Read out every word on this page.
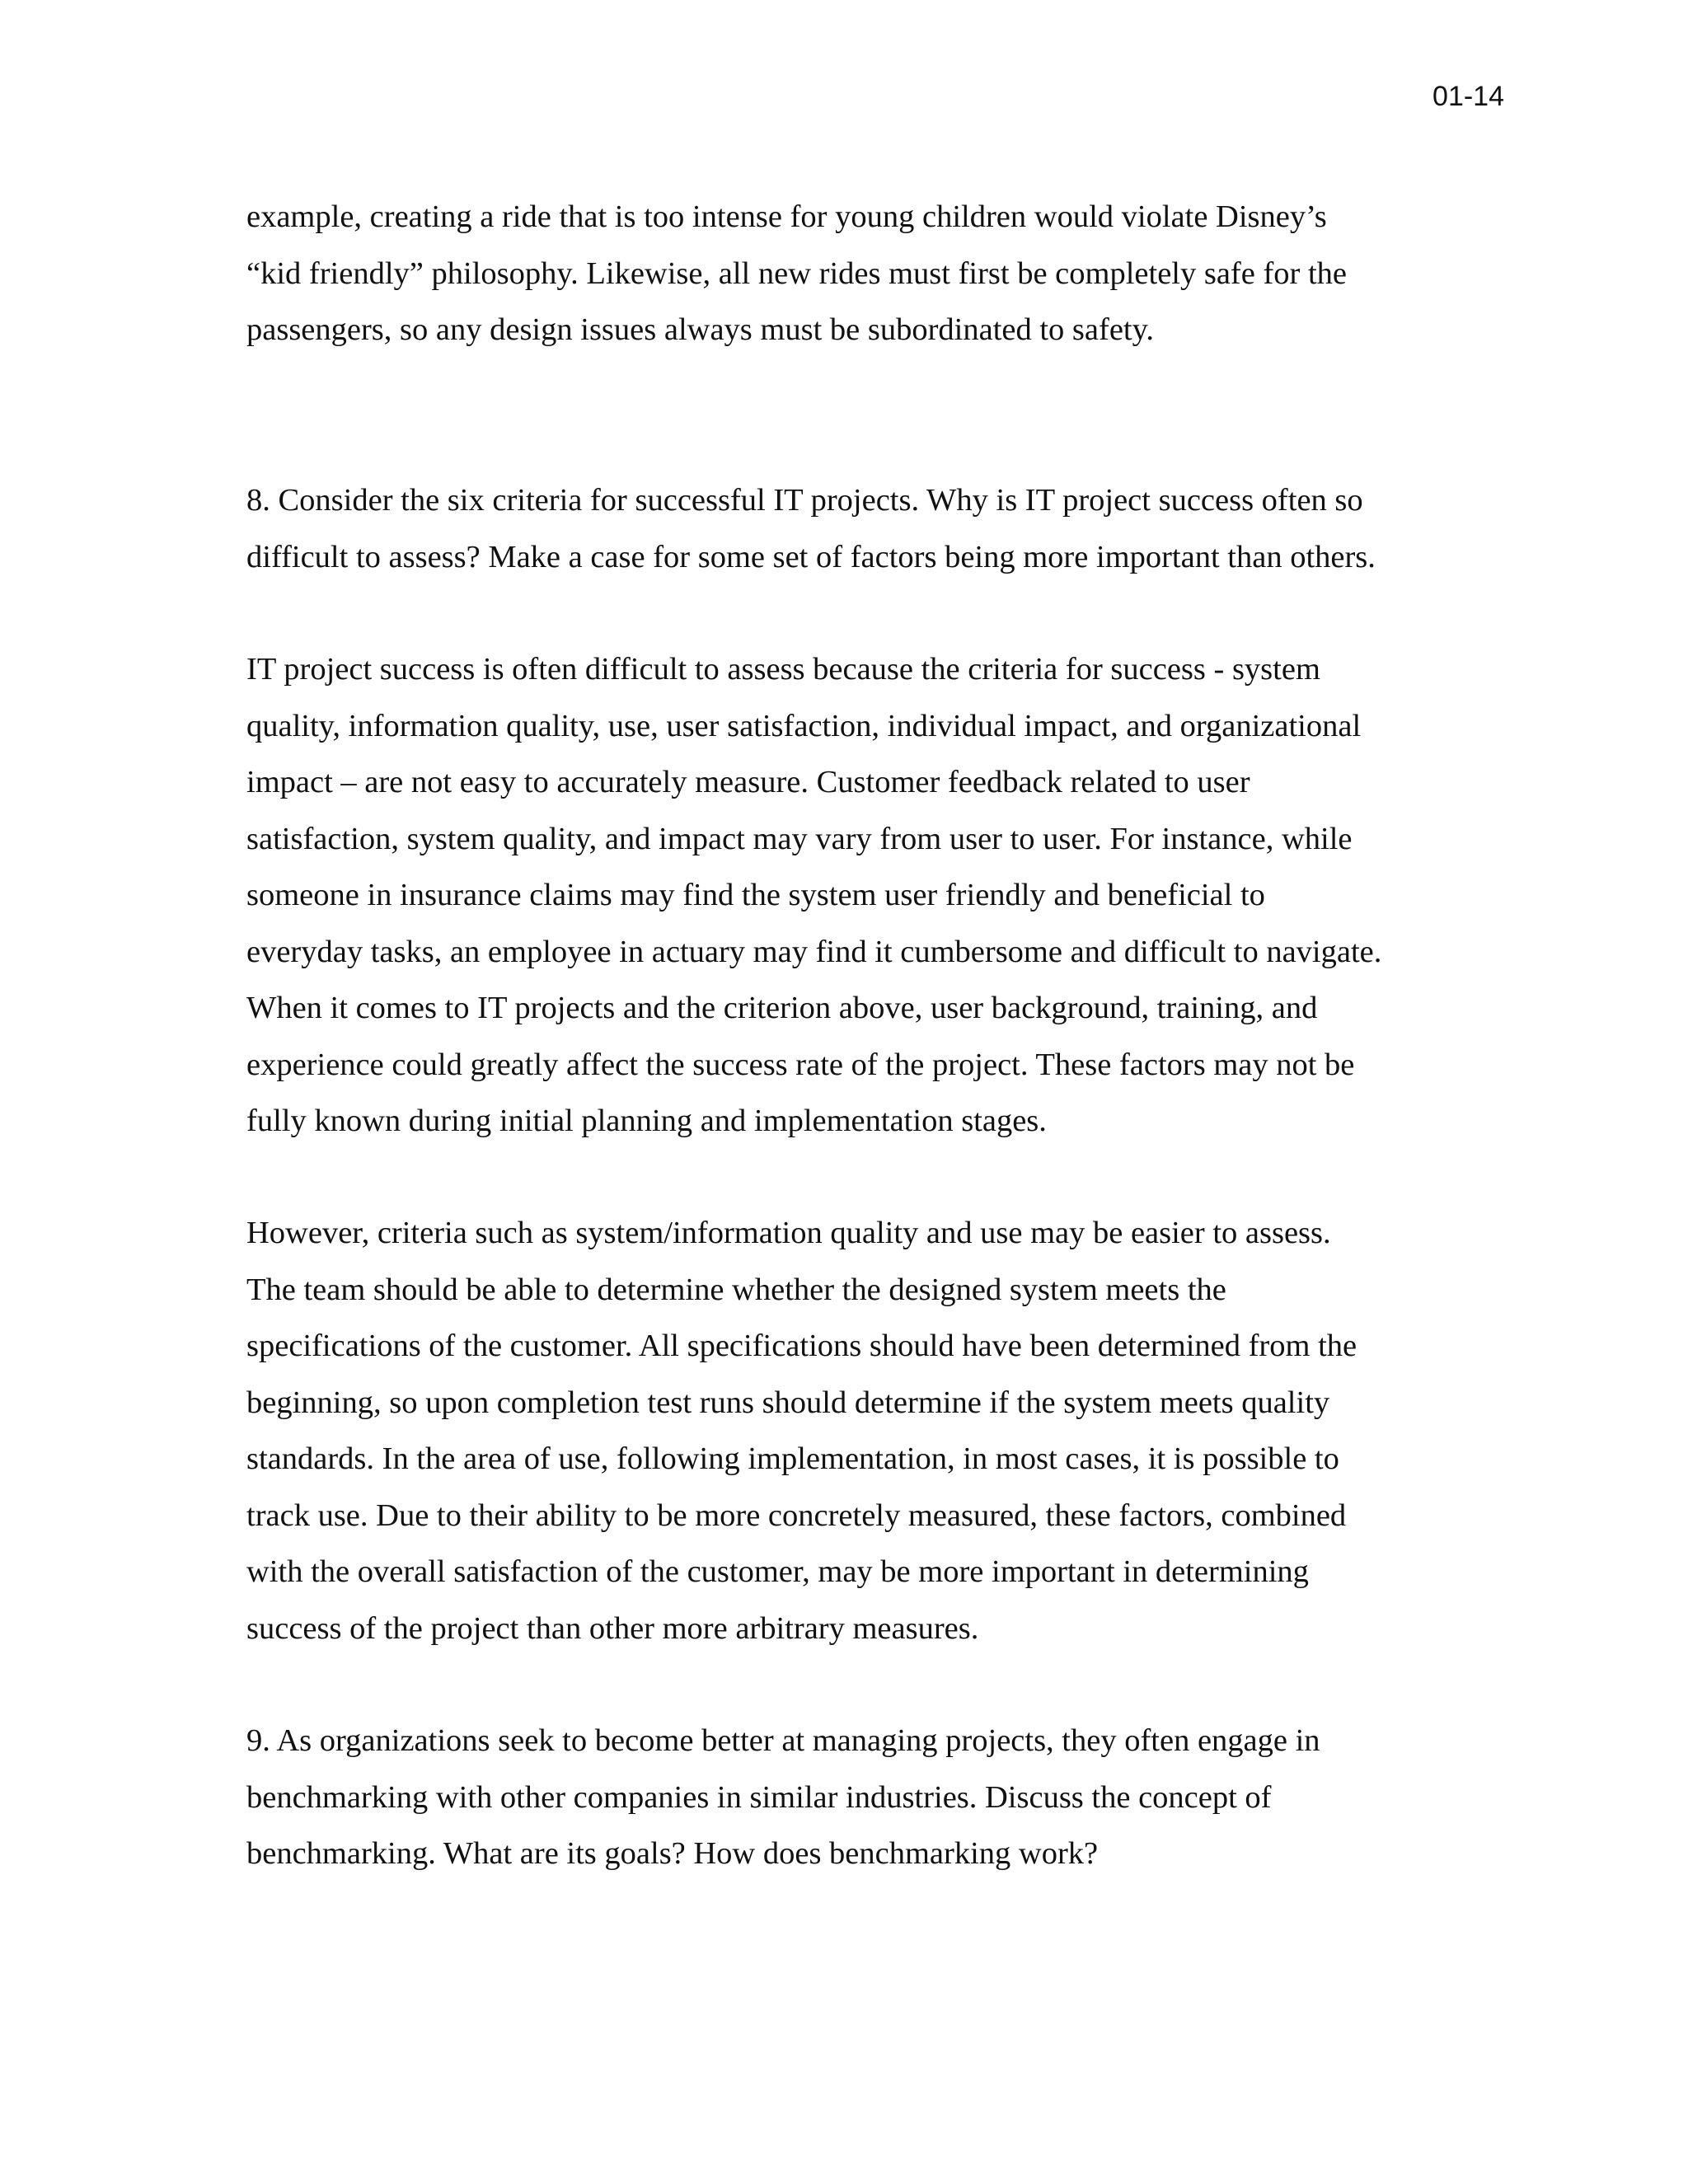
01-14

example, creating a ride that is too intense for young children would violate Disney’s
“kid friendly” philosophy. Likewise, all new rides must first be completely safe for the
passengers, so any design issues always must be subordinated to safety.

8. Consider the six criteria for successful IT projects. Why is IT project success often so
difficult to assess? Make a case for some set of factors being more important than others.

IT project success is often difficult to assess because the criteria for success - system
quality, information quality, use, user satisfaction, individual impact, and organizational
impact – are not easy to accurately measure. Customer feedback related to user
satisfaction, system quality, and impact may vary from user to user. For instance, while
someone in insurance claims may find the system user friendly and beneficial to
everyday tasks, an employee in actuary may find it cumbersome and difficult to navigate.
When it comes to IT projects and the criterion above, user background, training, and
experience could greatly affect the success rate of the project. These factors may not be
fully known during initial planning and implementation stages.

However, criteria such as system/information quality and use may be easier to assess.
The team should be able to determine whether the designed system meets the
specifications of the customer. All specifications should have been determined from the
beginning, so upon completion test runs should determine if the system meets quality
standards. In the area of use, following implementation, in most cases, it is possible to
track use. Due to their ability to be more concretely measured, these factors, combined
with the overall satisfaction of the customer, may be more important in determining
success of the project than other more arbitrary measures.

9. As organizations seek to become better at managing projects, they often engage in
benchmarking with other companies in similar industries. Discuss the concept of
benchmarking. What are its goals? How does benchmarking work?
